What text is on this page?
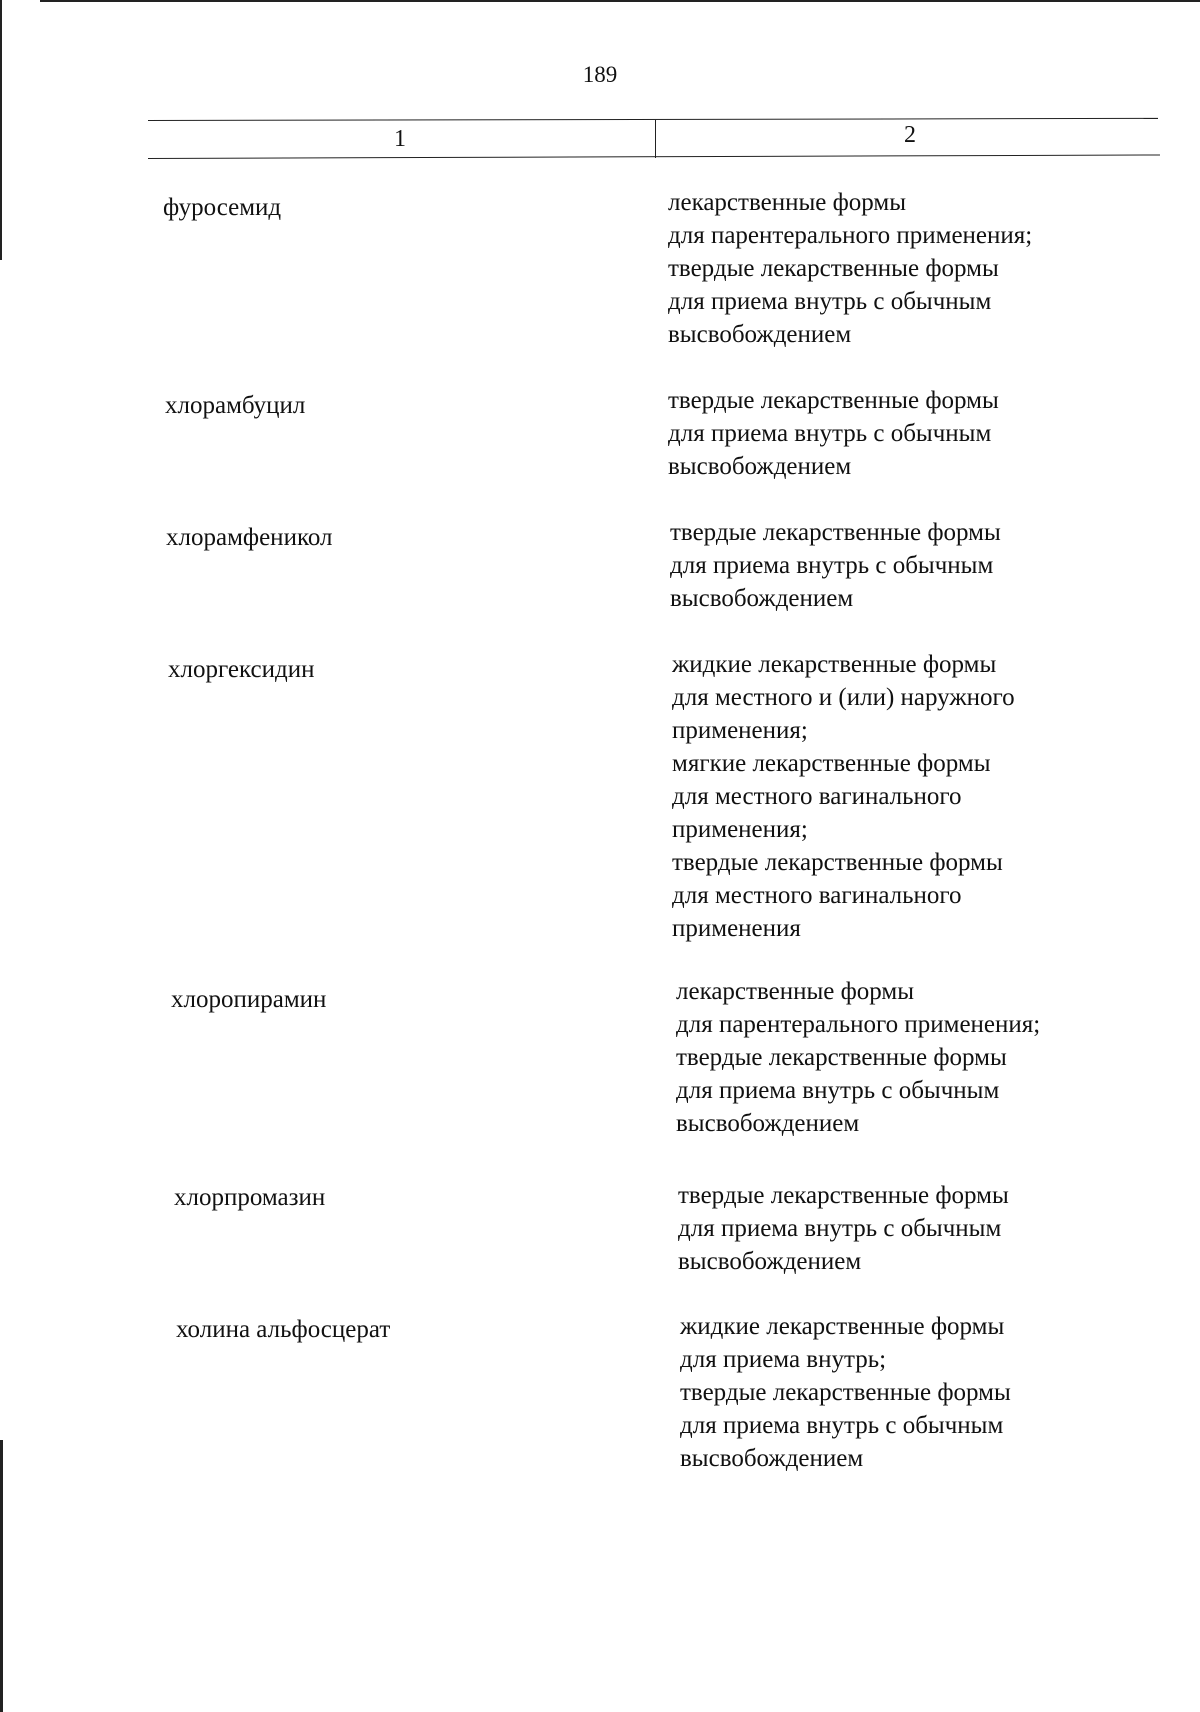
189
1	2
фуросемид	лекарственные формы
для парентерального применения;
твердые лекарственные формы
для приема внутрь с обычным
высвобождением
хлорамбуцил	твердые лекарственные формы
для приема внутрь с обычным
высвобождением
хлорамфеникол	твердые лекарственные формы
для приема внутрь с обычным
высвобождением
хлоргексидин	жидкие лекарственные формы
для местного и (или) наружного
применения;
мягкие лекарственные формы
для местного вагинального
применения;
твердые лекарственные формы
для местного вагинального
применения
хлоропирамин	лекарственные формы
для парентерального применения;
твердые лекарственные формы
для приема внутрь с обычным
высвобождением
хлорпромазин	твердые лекарственные формы
для приема внутрь с обычным
высвобождением
холина альфосцерат	жидкие лекарственные формы
для приема внутрь;
твердые лекарственные формы
для приема внутрь с обычным
высвобождением
